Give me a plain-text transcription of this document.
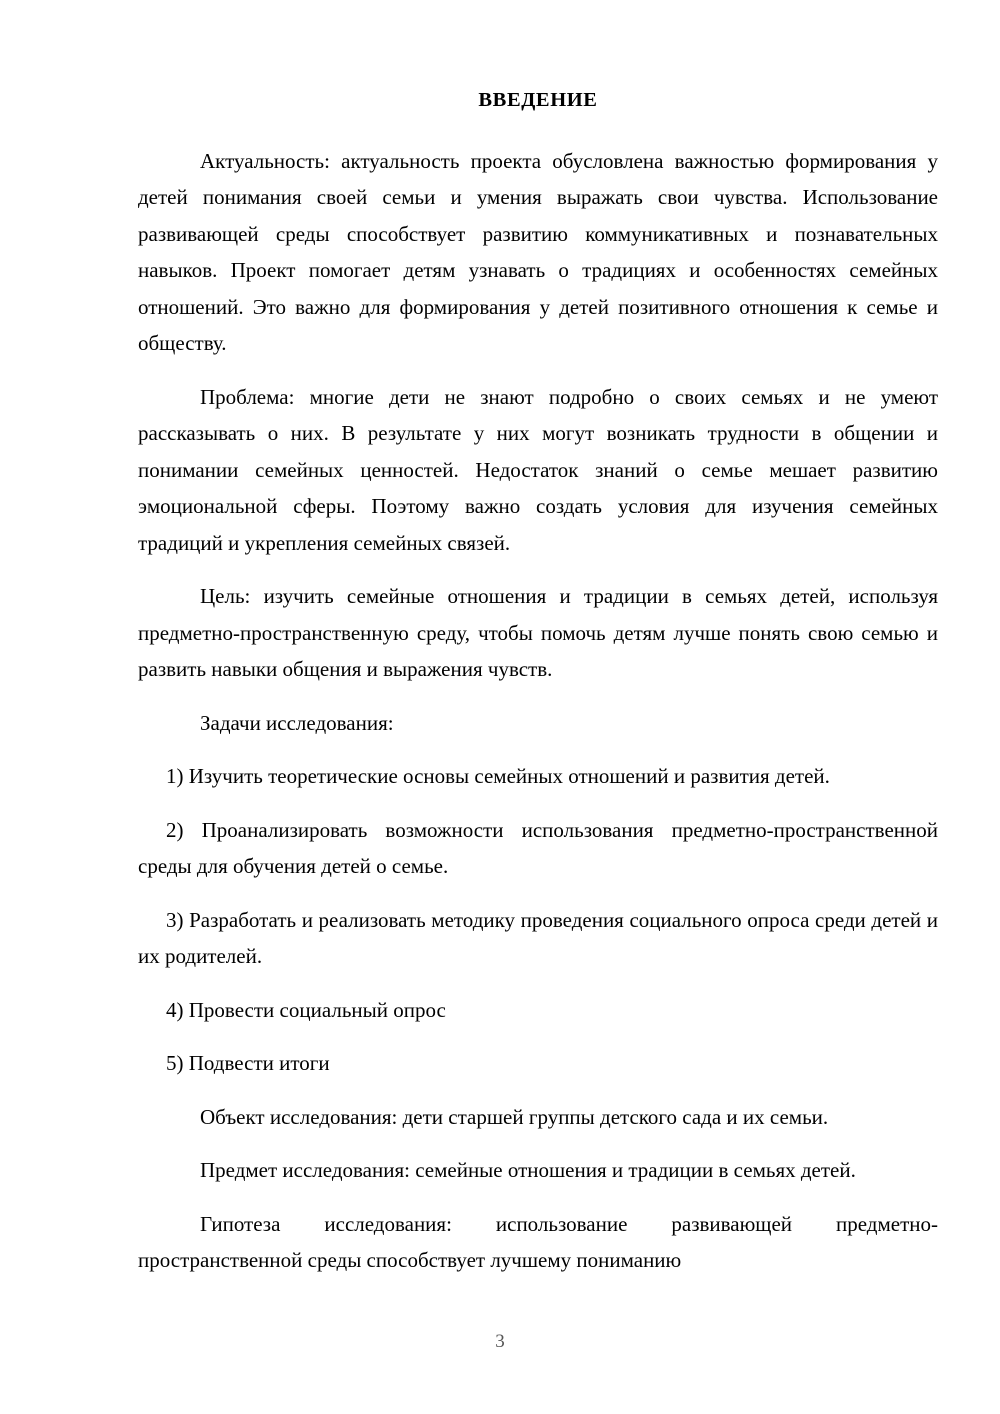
ВВЕДЕНИЕ

Актуальность: актуальность проекта обусловлена важностью формирования у детей понимания своей семьи и умения выражать свои чувства. Использование развивающей среды способствует развитию коммуникативных и познавательных навыков. Проект помогает детям узнавать о традициях и особенностях семейных отношений. Это важно для формирования у детей позитивного отношения к семье и обществу.

Проблема: многие дети не знают подробно о своих семьях и не умеют рассказывать о них. В результате у них могут возникать трудности в общении и понимании семейных ценностей. Недостаток знаний о семье мешает развитию эмоциональной сферы. Поэтому важно создать условия для изучения семейных традиций и укрепления семейных связей.

Цель: изучить семейные отношения и традиции в семьях детей, используя предметно-пространственную среду, чтобы помочь детям лучше понять свою семью и развить навыки общения и выражения чувств.

Задачи исследования:

1) Изучить теоретические основы семейных отношений и развития детей.

2) Проанализировать возможности использования предметно-пространственной среды для обучения детей о семье.

3) Разработать и реализовать методику проведения социального опроса среди детей и их родителей.

4) Провести социальный опрос

5) Подвести итоги

Объект исследования: дети старшей группы детского сада и их семьи.

Предмет исследования: семейные отношения и традиции в семьях детей.

Гипотеза исследования: использование развивающей предметно-пространственной среды способствует лучшему пониманию

3
